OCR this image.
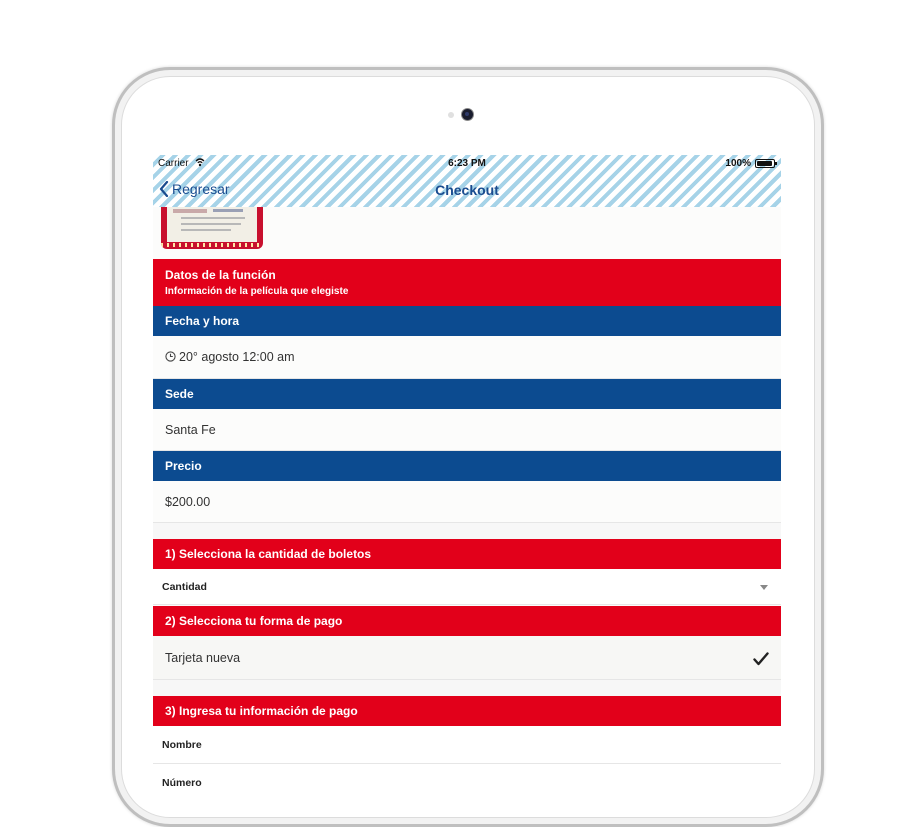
Carrier	6:23 PM	100%
Regresar	Checkout
Datos de la función
Información de la película que elegiste
Fecha y hora
20° agosto 12:00 am
Sede
Santa Fe
Precio
$200.00
1) Selecciona la cantidad de boletos
Cantidad
2) Selecciona tu forma de pago
Tarjeta nueva
3) Ingresa tu información de pago
Nombre
Número
